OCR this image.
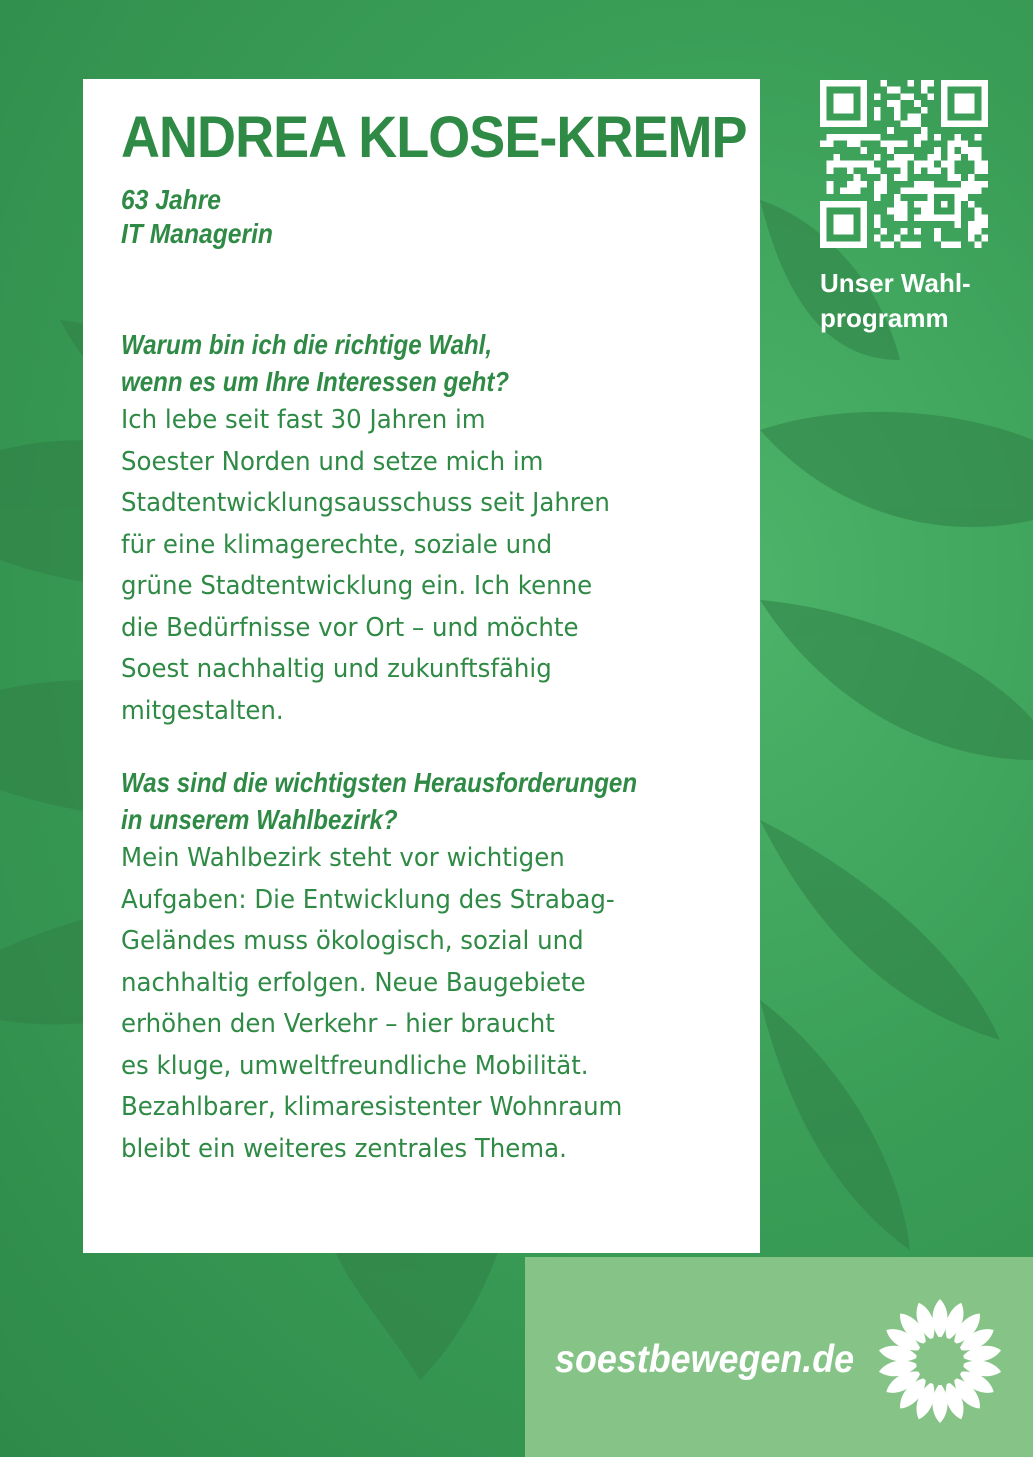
ANDREA KLOSE-KREMP

63 Jahre

IT Managerin

Warum bin ich die richtige Wahl,
wenn es um Ihre Interessen geht?

Ich lebe seit fast 30 Jahren im
Soester Norden und setze mich im
Stadtentwicklungsausschuss seit Jahren
für eine klimagerechte, soziale und
grüne Stadtentwicklung ein. Ich kenne
die Bedürfnisse vor Ort – und möchte
Soest nachhaltig und zukunftsfähig
mitgestalten.

Was sind die wichtigsten Herausforderungen
in unserem Wahlbezirk?

Mein Wahlbezirk steht vor wichtigen
Aufgaben: Die Entwicklung des Strabag-
Geländes muss ökologisch, sozial und
nachhaltig erfolgen. Neue Baugebiete
erhöhen den Verkehr – hier braucht
es kluge, umweltfreundliche Mobilität.
Bezahlbarer, klimaresistenter Wohnraum
bleibt ein weiteres zentrales Thema.

Unser Wahl-
programm
soestbewegen.de
